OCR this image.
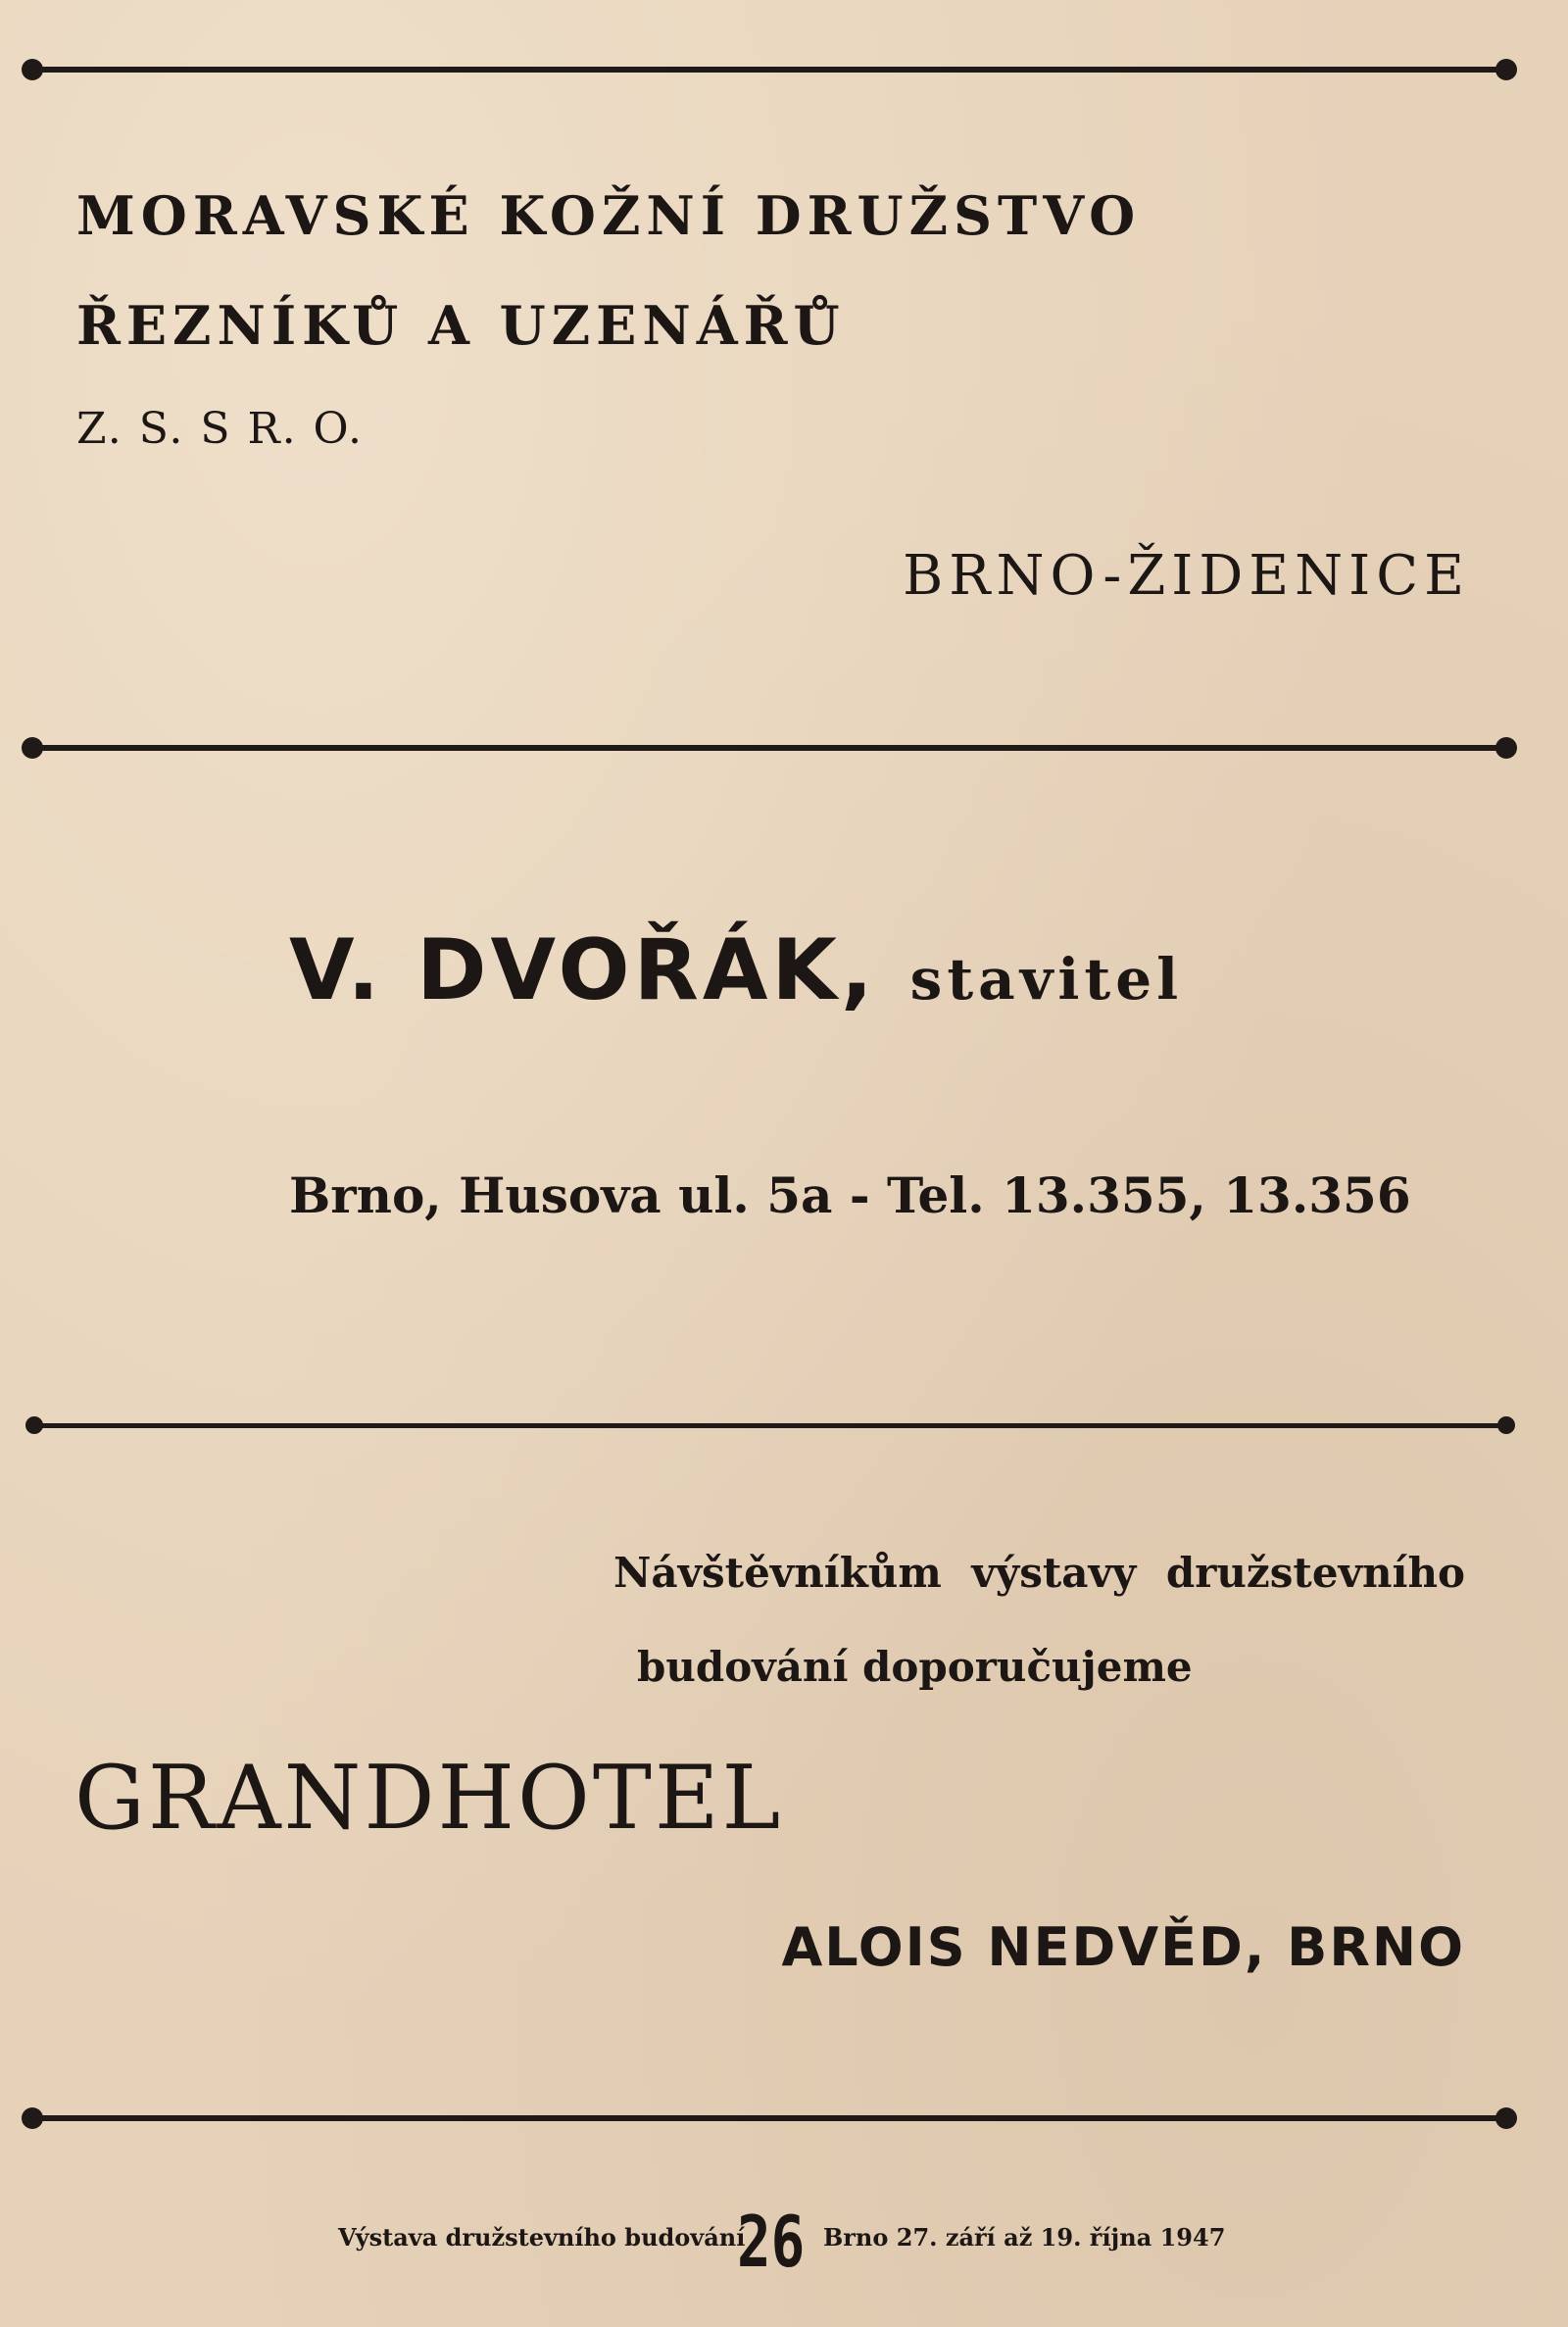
MORAVSKÉ KOŽNÍ DRUŽSTVO

ŘEZNÍKŮ A UZENÁŘŮ

Z. S. S R. O.

BRNO-ŽIDENICE

V. DVOŘÁK, stavitel

Brno, Husova ul. 5a - Tel. 13.355, 13.356

Návštěvníkům výstavy družstevního

budování doporučujeme

GRANDHOTEL

ALOIS NEDVĚD, BRNO

Výstava družstevního budování

26 Brno 27. září až 19. října 1947
